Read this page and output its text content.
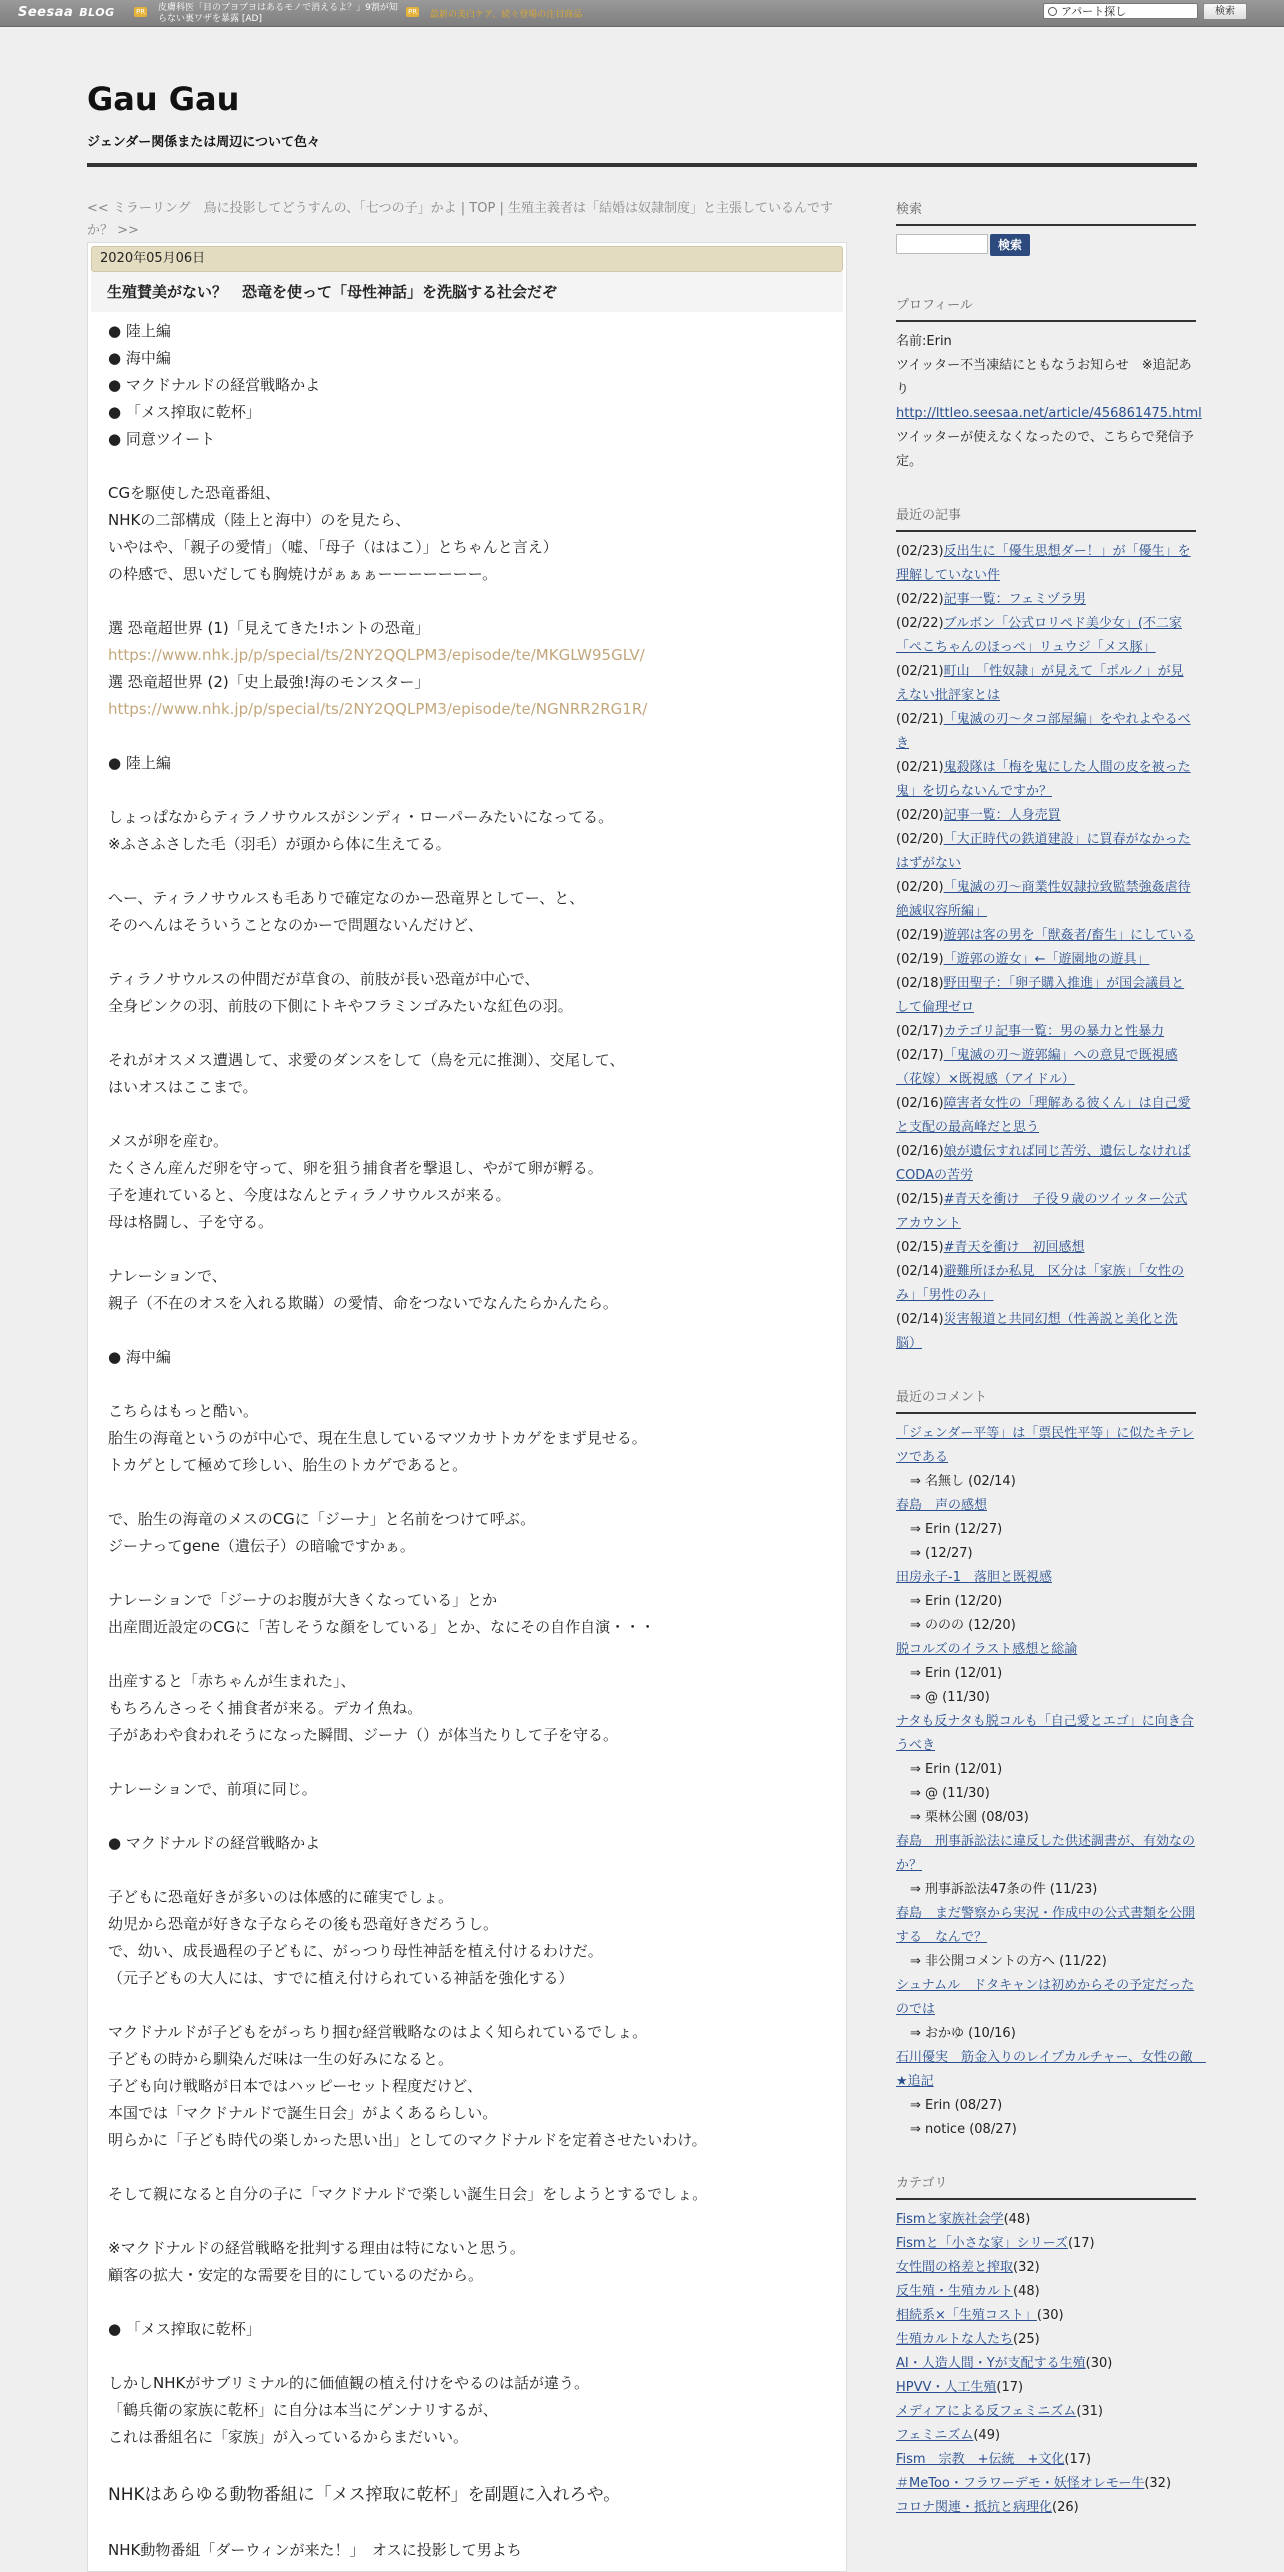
Seesaa BLOG	PR 皮膚科医「目のブヨブヨはあるモノで消えるよ？」9割が知らない裏ワザを暴露 [AD]
PR 最新の美白ケア、続々登場の注目商品	アパート探し	検索
Gau Gau
ジェンダー関係または周辺について色々
<< ミラーリング　鳥に投影してどうすんの、「七つの子」かよ | TOP | 生殖主義者は「結婚は奴隷制度」と主張しているんですか？ >>
2020年05月06日
生殖賛美がない？　恐竜を使って「母性神話」を洗脳する社会だぞ
● 陸上編
● 海中編
● マクドナルドの経営戦略かよ
● 「メス搾取に乾杯」
● 同意ツイート
CGを駆使した恐竜番組、
NHKの二部構成（陸上と海中）のを見たら、
いやはや、「親子の愛情」（嘘、「母子（ははこ）」とちゃんと言え）
の枠感で、思いだしても胸焼けがぁぁぁーーーーーーー。
選 恐竜超世界 (1)「見えてきた!ホントの恐竜」
https://www.nhk.jp/p/special/ts/2NY2QQLPM3/episode/te/MKGLW95GLV/
選 恐竜超世界 (2)「史上最強!海のモンスター」
https://www.nhk.jp/p/special/ts/2NY2QQLPM3/episode/te/NGNRR2RG1R/
● 陸上編
しょっぱなからティラノサウルスがシンディ・ローパーみたいになってる。
※ふさふさした毛（羽毛）が頭から体に生えてる。
へー、ティラノサウルスも毛ありで確定なのかー恐竜界としてー、と、
そのへんはそういうことなのかーで問題ないんだけど、
ティラノサウルスの仲間だが草食の、前肢が長い恐竜が中心で、
全身ピンクの羽、前肢の下側にトキやフラミンゴみたいな紅色の羽。
それがオスメス遭遇して、求愛のダンスをして（鳥を元に推測）、交尾して、
はいオスはここまで。
メスが卵を産む。
たくさん産んだ卵を守って、卵を狙う捕食者を撃退し、やがて卵が孵る。
子を連れていると、今度はなんとティラノサウルスが来る。
母は格闘し、子を守る。
ナレーションで、
親子（不在のオスを入れる欺瞞）の愛情、命をつないでなんたらかんたら。
● 海中編
こちらはもっと酷い。
胎生の海竜というのが中心で、現在生息しているマツカサトカゲをまず見せる。
トカゲとして極めて珍しい、胎生のトカゲであると。
で、胎生の海竜のメスのCGに「ジーナ」と名前をつけて呼ぶ。
ジーナってgene（遺伝子）の暗喩ですかぁ。
ナレーションで「ジーナのお腹が大きくなっている」とか
出産間近設定のCGに「苦しそうな顔をしている」とか、なにその自作自演・・・
出産すると「赤ちゃんが生まれた」、
もちろんさっそく捕食者が来る。デカイ魚ね。
子があわや食われそうになった瞬間、ジーナ（）が体当たりして子を守る。
ナレーションで、前項に同じ。
● マクドナルドの経営戦略かよ
子どもに恐竜好きが多いのは体感的に確実でしょ。
幼児から恐竜が好きな子ならその後も恐竜好きだろうし。
で、幼い、成長過程の子どもに、がっつり母性神話を植え付けるわけだ。
（元子どもの大人には、すでに植え付けられている神話を強化する）
マクドナルドが子どもをがっちり掴む経営戦略なのはよく知られているでしょ。
子どもの時から馴染んだ味は一生の好みになると。
子ども向け戦略が日本ではハッピーセット程度だけど、
本国では「マクドナルドで誕生日会」がよくあるらしい。
明らかに「子ども時代の楽しかった思い出」としてのマクドナルドを定着させたいわけ。
そして親になると自分の子に「マクドナルドで楽しい誕生日会」をしようとするでしょ。
※マクドナルドの経営戦略を批判する理由は特にないと思う。
顧客の拡大・安定的な需要を目的にしているのだから。
● 「メス搾取に乾杯」
しかしNHKがサブリミナル的に価値観の植え付けをやるのは話が違う。
「鶴兵衛の家族に乾杯」に自分は本当にゲンナリするが、
これは番組名に「家族」が入っているからまだいい。
NHKはあらゆる動物番組に「メス搾取に乾杯」を副題に入れろや。
NHK動物番組「ダーウィンが来た！」　オスに投影して男よち
検索
検索
プロフィール
名前:Erin
ツイッター不当凍結にともなうお知らせ　※追記あり
http://lttleo.seesaa.net/article/456861475.html
ツイッターが使えなくなったので、こちらで発信予定。
最近の記事
(02/23)反出生に「優生思想ダー！」が「優生」を理解していない件
(02/22)記事一覧：フェミヅラ男
(02/22)ブルボン「公式ロリペド美少女」(不二家「ぺこちゃんのほっぺ」リュウジ「メス豚」
(02/21)町山　「性奴隷」が見えて「ポルノ」が見えない批評家とは
(02/21)「鬼滅の刃～タコ部屋編」をやれよやるべき
(02/21)鬼殺隊は「梅を鬼にした人間の皮を被った鬼」を切らないんですか？
(02/20)記事一覧：人身売買
(02/20)「大正時代の鉄道建設」に買春がなかったはずがない
(02/20)「鬼滅の刃～商業性奴隷拉致監禁強姦虐待絶滅収容所編」
(02/19)遊郭は客の男を「獣姦者/畜生」にしている
(02/19)「遊郭の遊女」←「遊園地の遊具」
(02/18)野田聖子：「卵子購入推進」が国会議員として倫理ゼロ
(02/17)カテゴリ記事一覧：男の暴力と性暴力
(02/17)「鬼滅の刃～遊郭編」への意見で既視感（花嫁）×既視感（アイドル）
(02/16)障害者女性の「理解ある彼くん」は自己愛と支配の最高峰だと思う
(02/16)娘が遺伝すれば同じ苦労、遺伝しなければCODAの苦労
(02/15)#青天を衝け　子役９歳のツイッター公式アカウント
(02/15)#青天を衝け　初回感想
(02/14)避難所ほか私見　区分は「家族」「女性のみ」「男性のみ」
(02/14)災害報道と共同幻想（性善説と美化と洗脳）
最近のコメント
「ジェンダー平等」は「票民性平等」に似たキテレツである
⇒ 名無し (02/14)
春島　声の感想
⇒ Erin (12/27)
⇒ (12/27)
田房永子-1　落胆と既視感
⇒ Erin (12/20)
⇒ ののの (12/20)
脱コルズのイラスト感想と総論
⇒ Erin (12/01)
⇒ @ (11/30)
ナタも反ナタも脱コルも「自己愛とエゴ」に向き合うべき
⇒ Erin (12/01)
⇒ @ (11/30)
⇒ 栗林公園 (08/03)
春島　刑事訴訟法に違反した供述調書が、有効なのか？
⇒ 刑事訴訟法47条の件 (11/23)
春島　まだ警察から実況・作成中の公式書類を公開する　なんで？
⇒ 非公開コメントの方へ (11/22)
シュナムル　ドタキャンは初めからその予定だったのでは
⇒ おかゆ (10/16)
石川優実　筋金入りのレイプカルチャー、女性の敵　★追記
⇒ Erin (08/27)
⇒ notice (08/27)
カテゴリ
Fismと家族社会学(48)
Fismと「小さな家」シリーズ(17)
女性間の格差と搾取(32)
反生殖・生殖カルト(48)
相続系×「生殖コスト」(30)
生殖カルトな人たち(25)
AI・人造人間・Yが支配する生殖(30)
HPVV・人工生殖(17)
メディアによる反フェミニズム(31)
フェミニズム(49)
Fism　宗教　+伝統　+文化(17)
＃MeToo・フラワーデモ・妖怪オレモー牛(32)
コロナ関連・抵抗と病理化(26)
